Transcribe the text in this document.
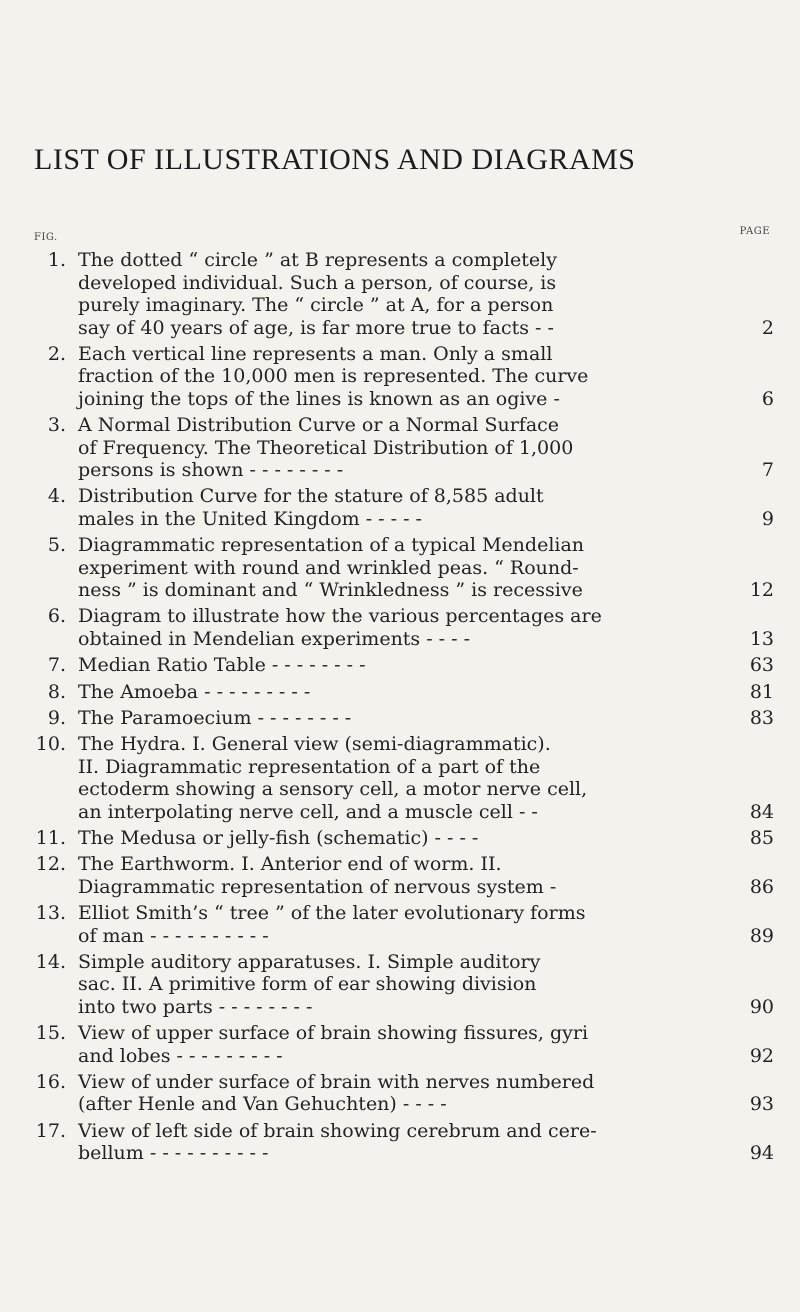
LIST OF ILLUSTRATIONS AND DIAGRAMS
FIG.
PAGE
1. The dotted “ circle ” at B represents a completely
developed individual. Such a person, of course, is
purely imaginary. The “ circle ” at A, for a person
say of 40 years of age, is far more true to facts - -	2
2. Each vertical line represents a man. Only a small
fraction of the 10,000 men is represented. The curve
joining the tops of the lines is known as an ogive -	6
3. A Normal Distribution Curve or a Normal Surface
of Frequency. The Theoretical Distribution of 1,000
persons is shown - - - - - - - -	7
4. Distribution Curve for the stature of 8,585 adult
males in the United Kingdom - - - - -	9
5. Diagrammatic representation of a typical Mendelian
experiment with round and wrinkled peas. “ Round-
ness ” is dominant and “ Wrinkledness ” is recessive	12
6. Diagram to illustrate how the various percentages are
obtained in Mendelian experiments - - - -	13
7. Median Ratio Table - - - - - - - -	63
8. The Amoeba - - - - - - - - -	81
9. The Paramoecium - - - - - - - -	83
10. The Hydra. I. General view (semi-diagrammatic).
II. Diagrammatic representation of a part of the
ectoderm showing a sensory cell, a motor nerve cell,
an interpolating nerve cell, and a muscle cell - -	84
11. The Medusa or jelly-fish (schematic) - - - -	85
12. The Earthworm. I. Anterior end of worm. II.
Diagrammatic representation of nervous system -	86
13. Elliot Smith’s “ tree ” of the later evolutionary forms
of man - - - - - - - - - -	89
14. Simple auditory apparatuses. I. Simple auditory
sac. II. A primitive form of ear showing division
into two parts - - - - - - - -	90
15. View of upper surface of brain showing fissures, gyri
and lobes - - - - - - - - -	92
16. View of under surface of brain with nerves numbered
(after Henle and Van Gehuchten) - - - -	93
17. View of left side of brain showing cerebrum and cere-
bellum - - - - - - - - - -	94
